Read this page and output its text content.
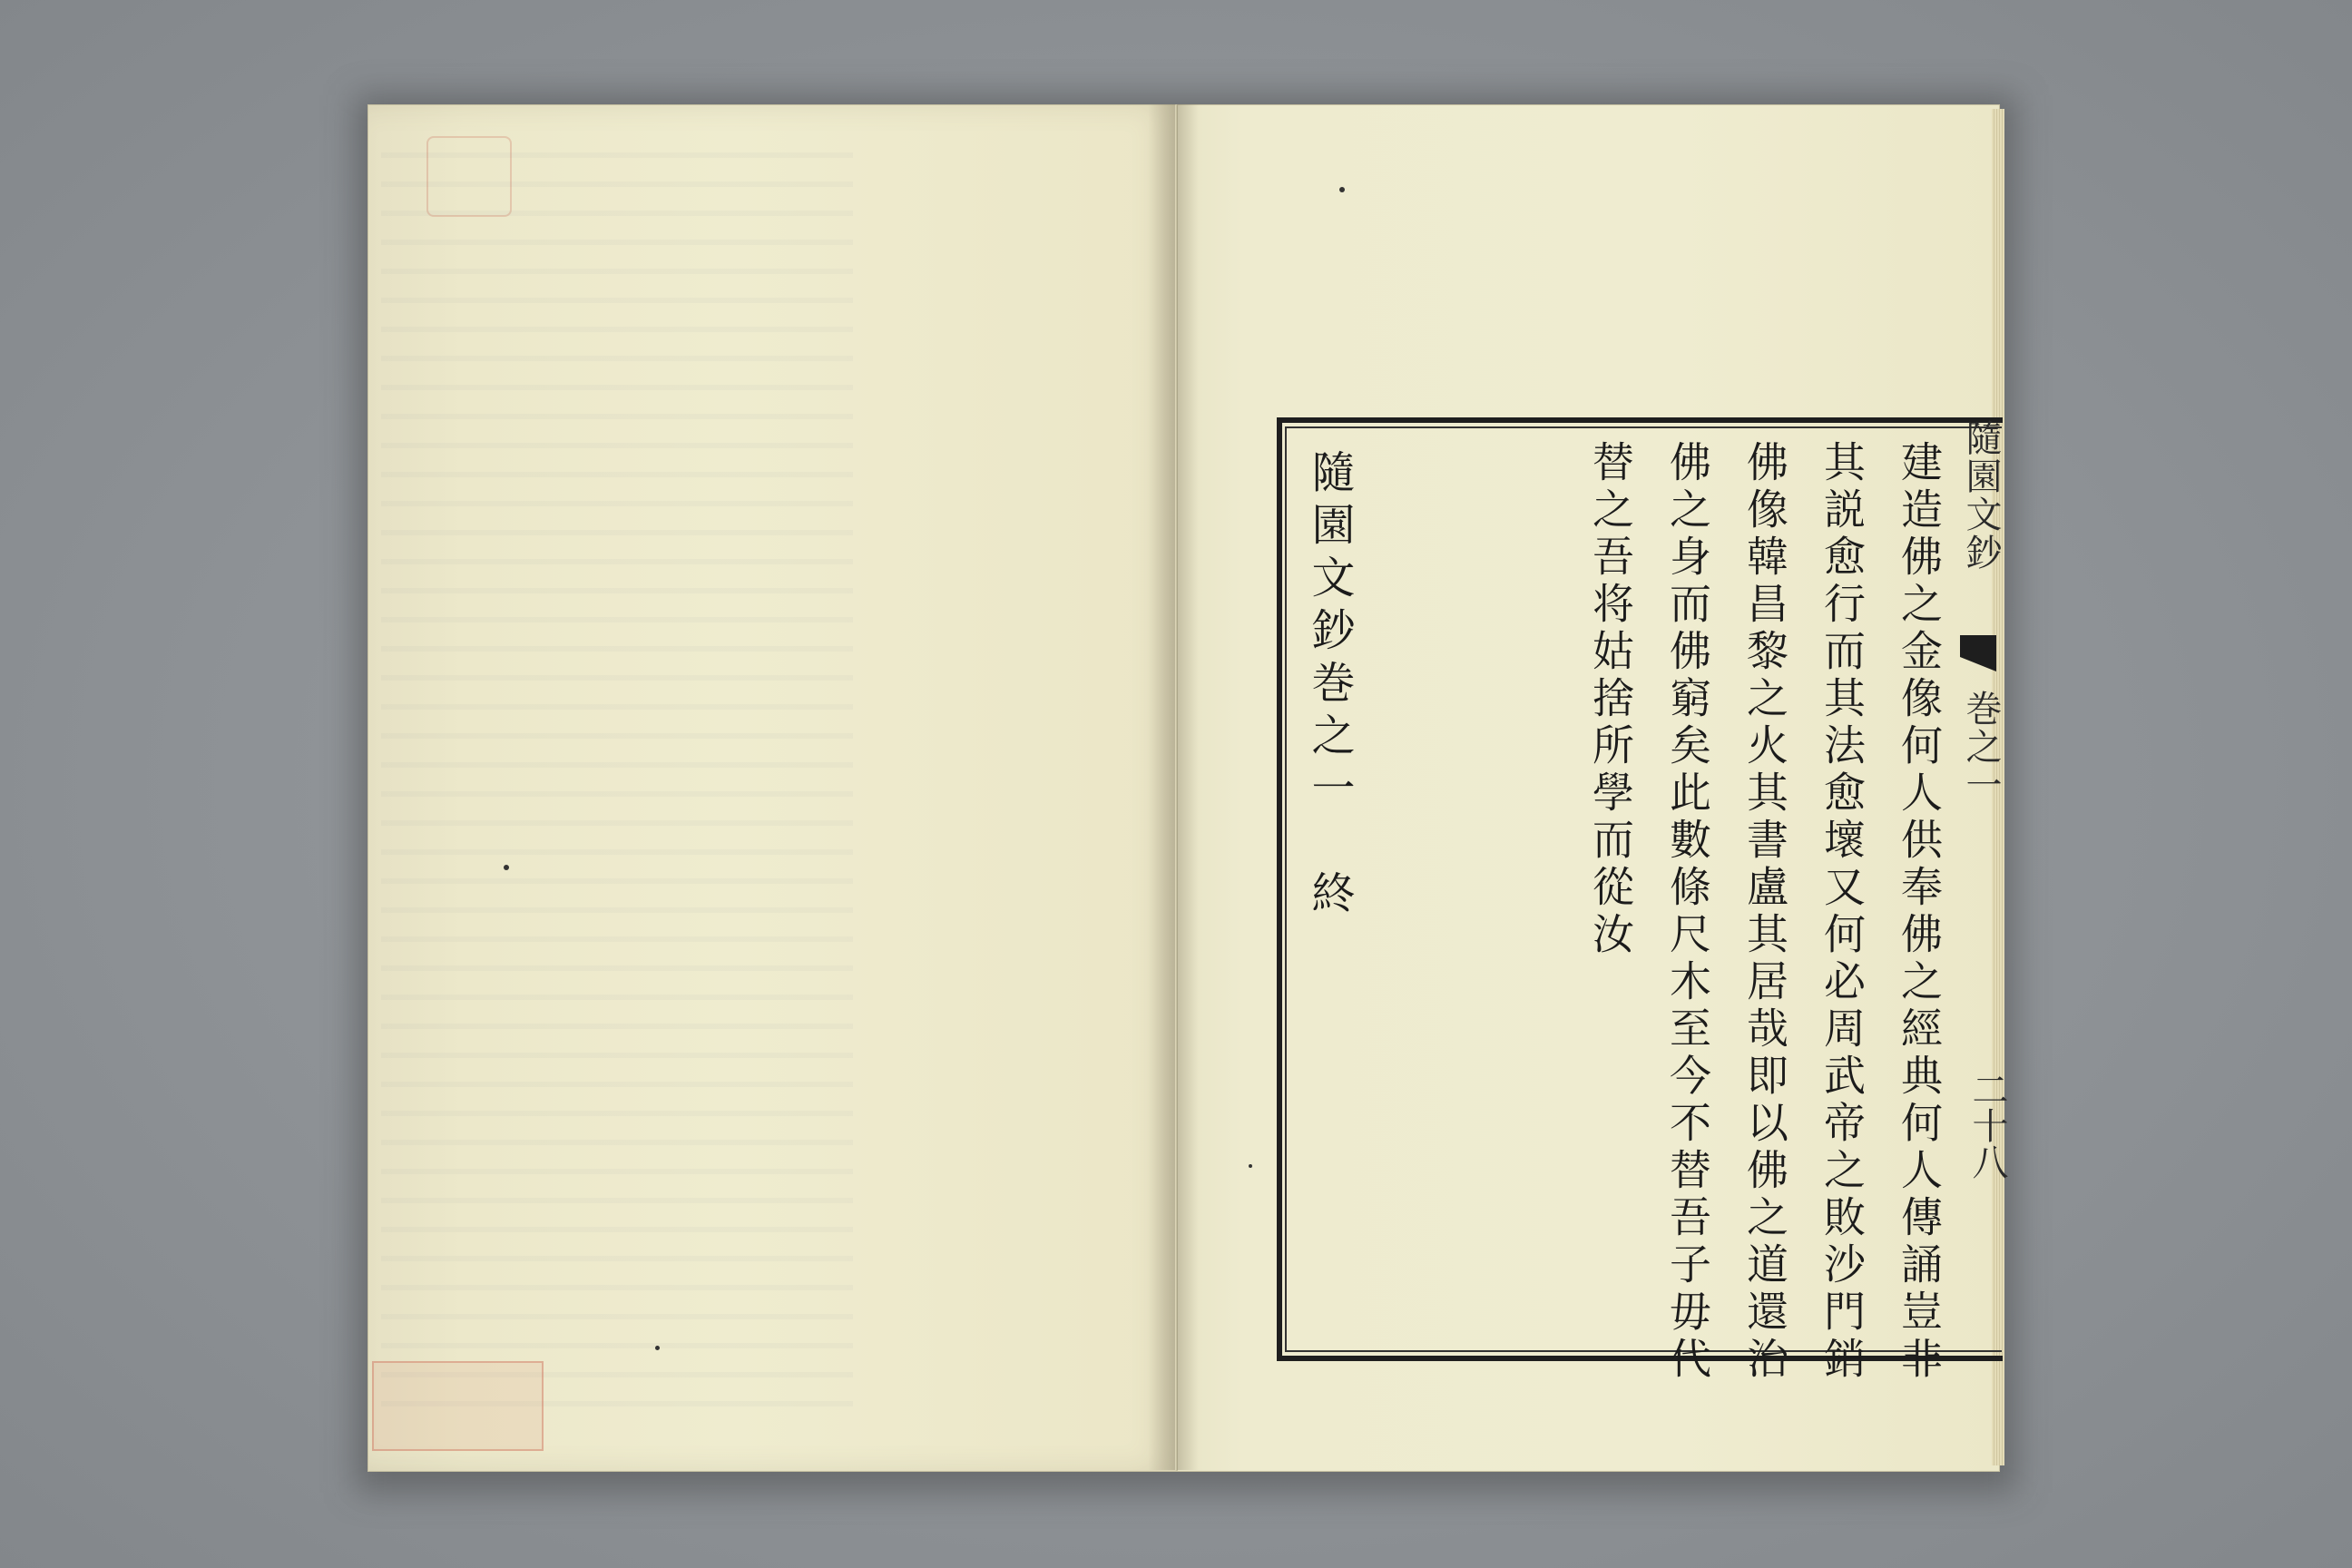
建造佛之金像何人供奉佛之經典何人傳誦豈非
其説愈行而其法愈壞又何必周武帝之敗沙門銷
佛像韓昌黎之火其書盧其居哉即以佛之道還治
佛之身而佛窮矣此數條尺木至今不替吾子毋代
替之吾将姑捨所學而從汝
隨園文鈔巻之一　終	隨園文鈔
巻之一
二十八
